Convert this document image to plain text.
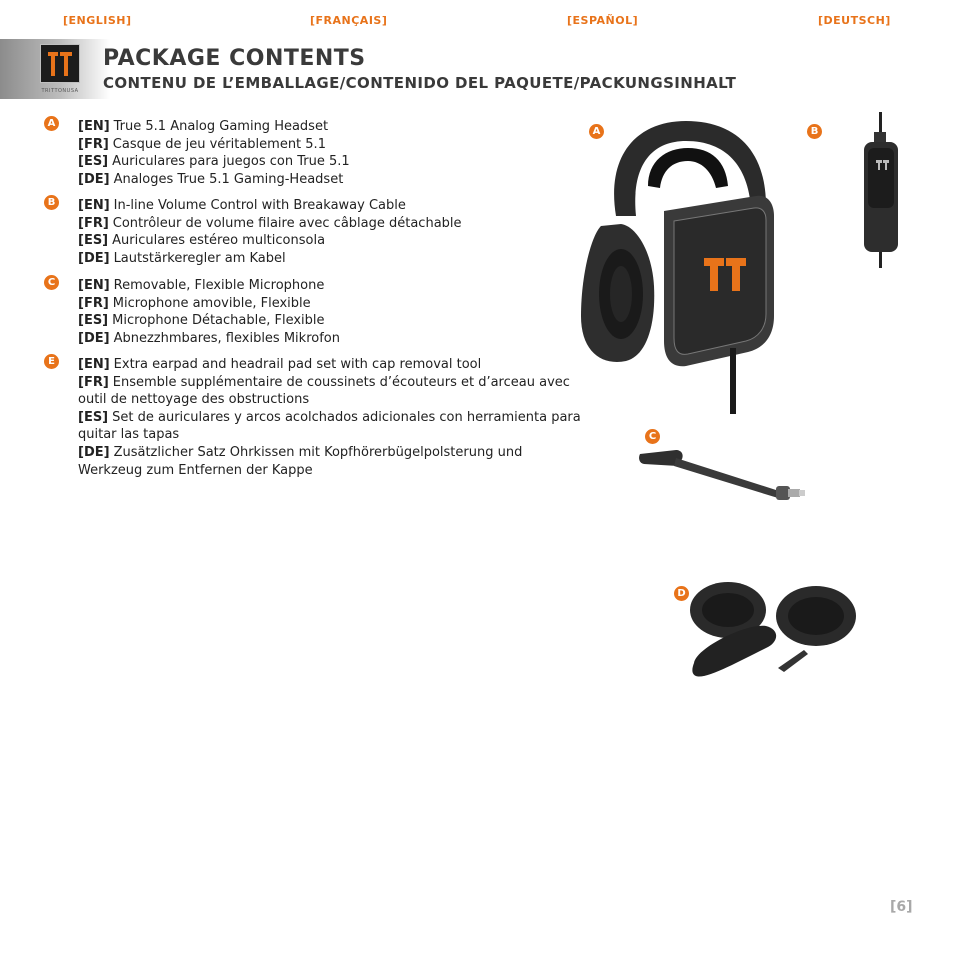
[ENGLISH]	[FRANÇAIS]	[ESPAÑOL]	[DEUTSCH]
TRITTONUSA
PACKAGE CONTENTS
CONTENU DE L’EMBALLAGE/CONTENIDO DEL PAQUETE/PACKUNGSINHALT
A [EN] True 5.1 Analog Gaming Headset
[FR] Casque de jeu véritablement 5.1
[ES] Auriculares para juegos con True 5.1
[DE] Analoges True 5.1 Gaming-Headset
B [EN] In-line Volume Control with Breakaway Cable
[FR] Contrôleur de volume filaire avec câblage détachable
[ES] Auriculares estéreo multiconsola
[DE] Lautstärkeregler am Kabel
C [EN] Removable, Flexible Microphone
[FR] Microphone amovible, Flexible
[ES] Microphone Détachable, Flexible
[DE] Abnezzhmbares, flexibles Mikrofon
E	[EN] Extra earpad and headrail pad set with cap removal tool
[FR] Ensemble supplémentaire de coussinets d’écouteurs et d’arceau avec outil de nettoyage des obstructions
[ES] Set de auriculares y arcos acolchados adicionales con herramienta para quitar las tapas
[DE] Zusätzlicher Satz Ohrkissen mit Kopfhörerbügelpolsterung und Werkzeug zum Entfernen der Kappe
A	B
C
D
[6]
